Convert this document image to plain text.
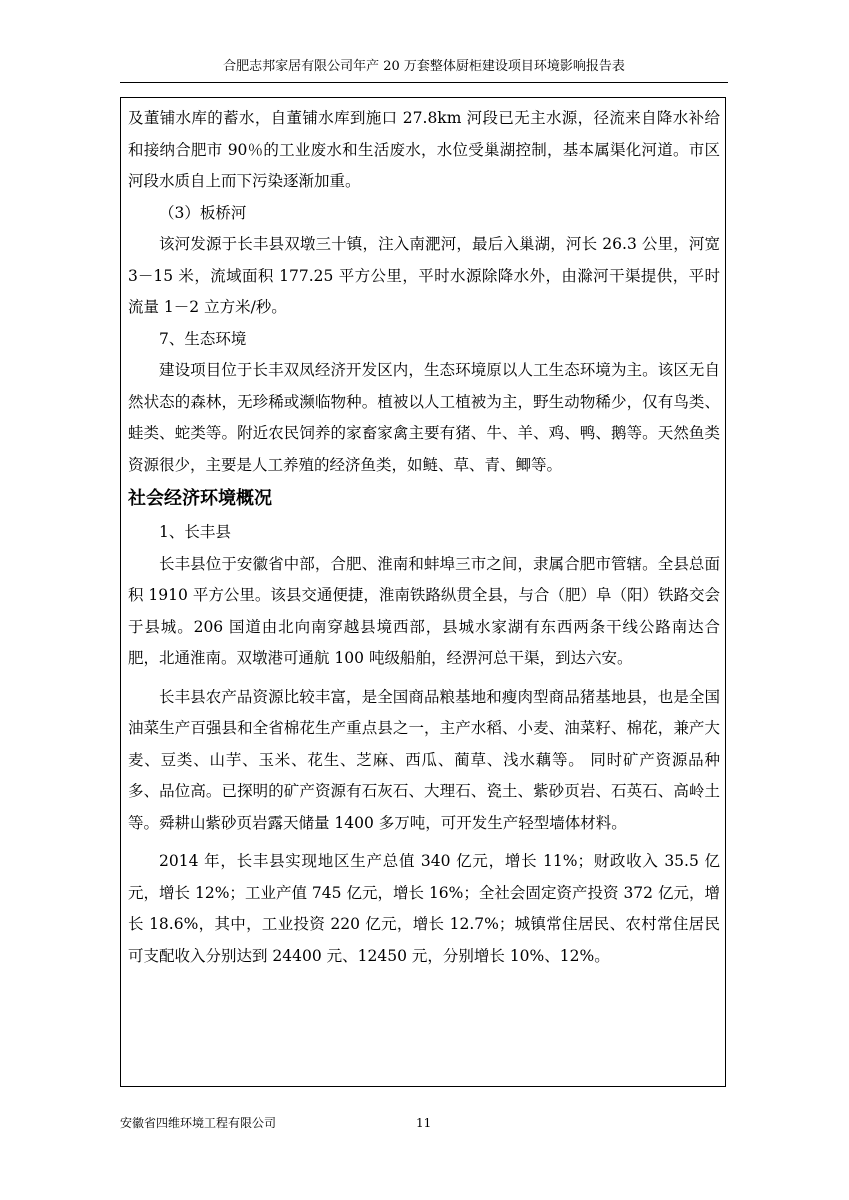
合肥志邦家居有限公司年产 20 万套整体厨柜建设项目环境影响报告表

及董铺水库的蓄水，自董铺水库到施口 27.8km 河段已无主水源，径流来自降水补给和接纳合肥市 90％的工业废水和生活废水，水位受巢湖控制，基本属渠化河道。市区河段水质自上而下污染逐渐加重。

（3）板桥河

该河发源于长丰县双墩三十镇，注入南淝河，最后入巢湖，河长 26.3 公里，河宽 3－15 米，流域面积 177.25 平方公里，平时水源除降水外，由滁河干渠提供，平时流量 1－2 立方米/秒。

7、生态环境

建设项目位于长丰双凤经济开发区内，生态环境原以人工生态环境为主。该区无自然状态的森林，无珍稀或濒临物种。植被以人工植被为主，野生动物稀少，仅有鸟类、蛙类、蛇类等。附近农民饲养的家畜家禽主要有猪、牛、羊、鸡、鸭、鹅等。天然鱼类资源很少，主要是人工养殖的经济鱼类，如鲢、草、青、鲫等。

社会经济环境概况

1、长丰县

长丰县位于安徽省中部，合肥、淮南和蚌埠三市之间，隶属合肥市管辖。全县总面积 1910 平方公里。该县交通便捷，淮南铁路纵贯全县，与合（肥）阜（阳）铁路交会于县城。206 国道由北向南穿越县境西部，县城水家湖有东西两条干线公路南达合肥，北通淮南。双墩港可通航 100 吨级船舶，经淠河总干渠，到达六安。

长丰县农产品资源比较丰富，是全国商品粮基地和瘦肉型商品猪基地县，也是全国油菜生产百强县和全省棉花生产重点县之一，主产水稻、小麦、油菜籽、棉花，兼产大麦、豆类、山芋、玉米、花生、芝麻、西瓜、蔺草、浅水藕等。 同时矿产资源品种多、品位高。已探明的矿产资源有石灰石、大理石、瓷土、紫砂页岩、石英石、高岭土等。舜耕山紫砂页岩露天储量 1400 多万吨，可开发生产轻型墙体材料。

2014 年，长丰县实现地区生产总值 340 亿元，增长 11%；财政收入 35.5 亿元，增长 12%；工业产值 745 亿元，增长 16%；全社会固定资产投资 372 亿元，增长 18.6%，其中，工业投资 220 亿元，增长 12.7%；城镇常住居民、农村常住居民可支配收入分别达到 24400 元、12450 元，分别增长 10%、12%。

安徽省四维环境工程有限公司	11
